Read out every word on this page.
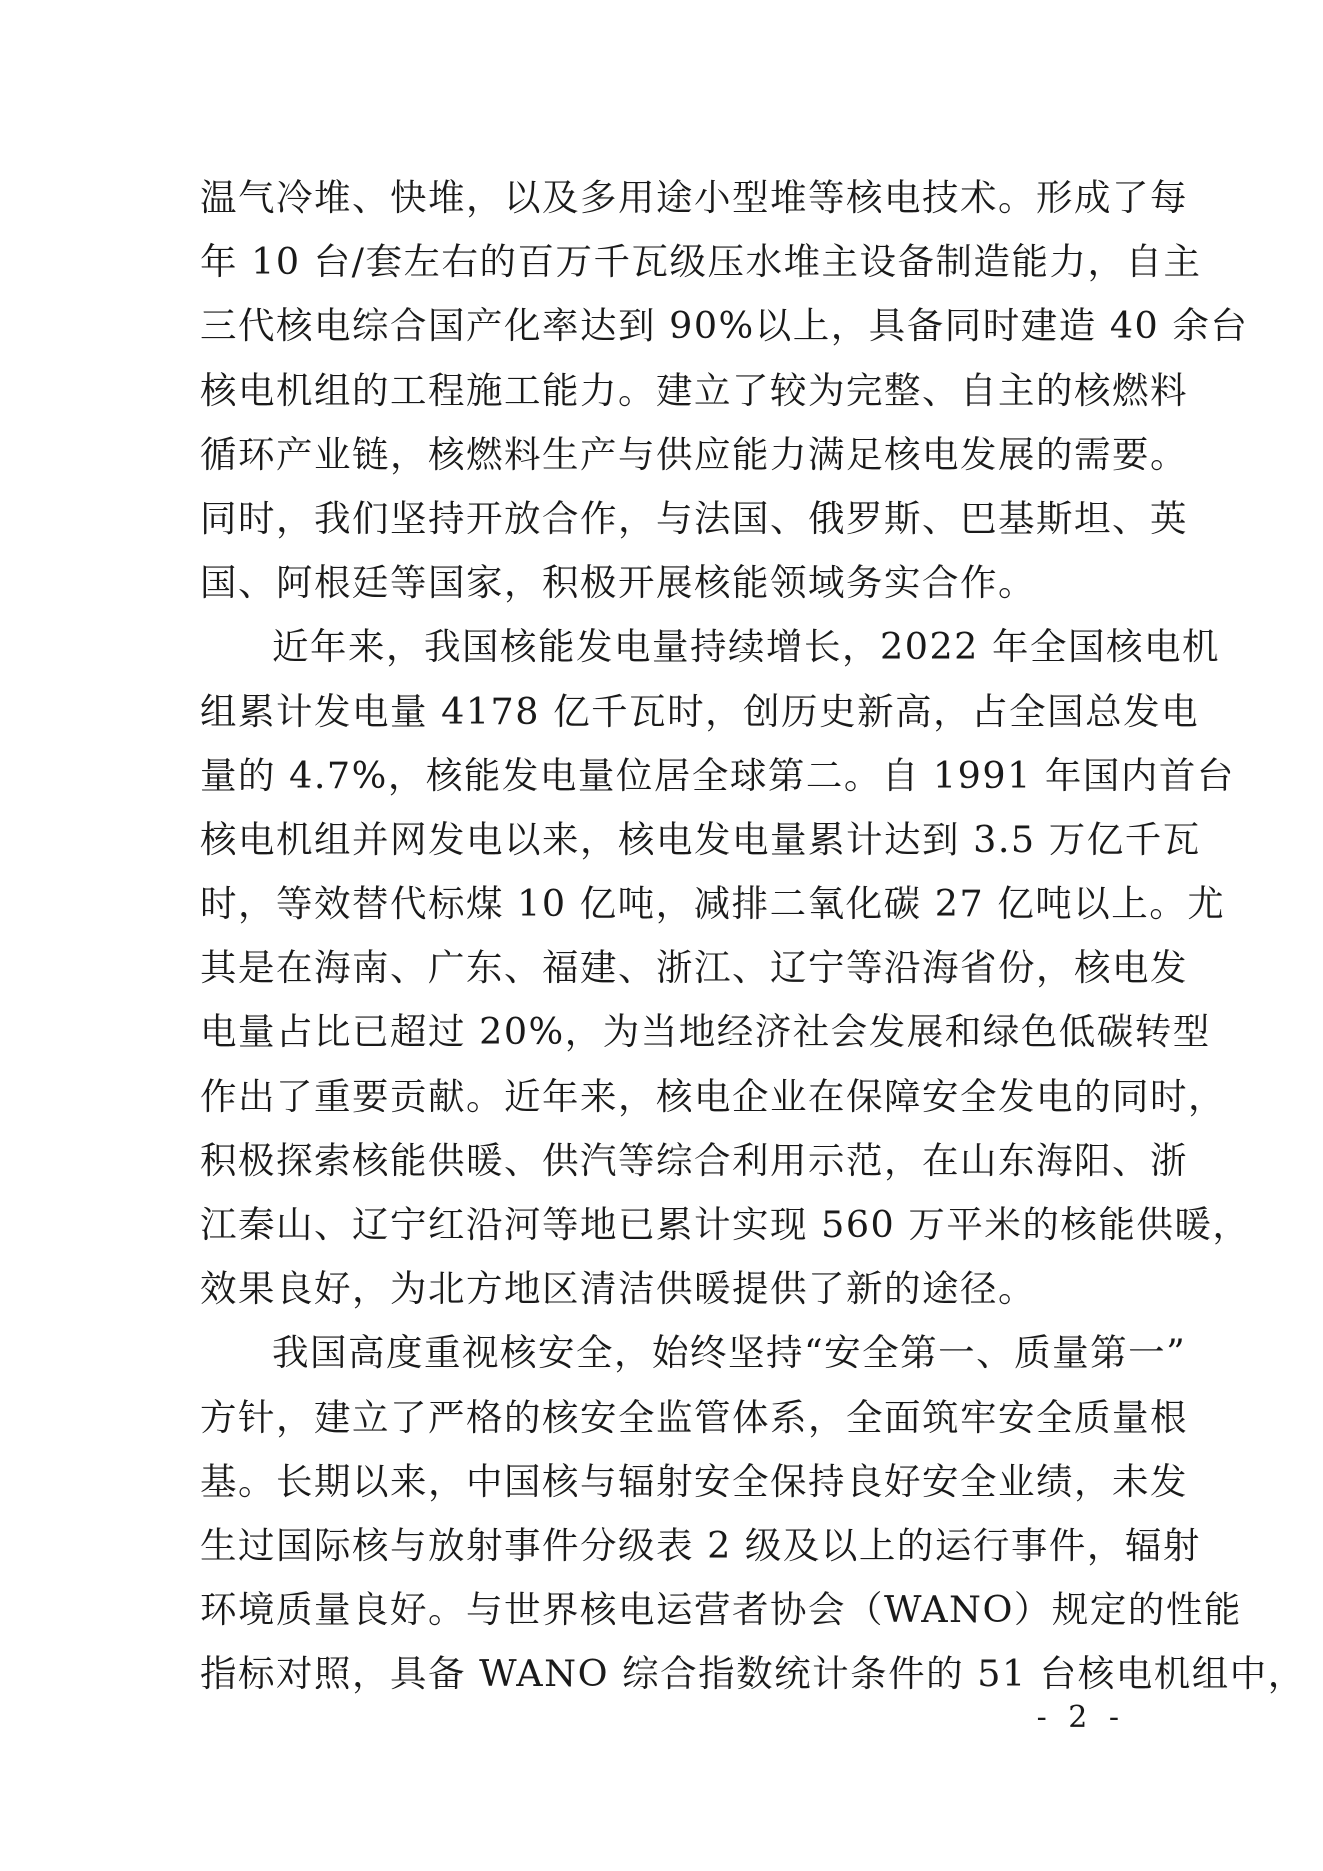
温气冷堆、快堆，以及多用途小型堆等核电技术。形成了每
年 10 台/套左右的百万千瓦级压水堆主设备制造能力，自主
三代核电综合国产化率达到 90%以上，具备同时建造 40 余台
核电机组的工程施工能力。建立了较为完整、自主的核燃料
循环产业链，核燃料生产与供应能力满足核电发展的需要。
同时，我们坚持开放合作，与法国、俄罗斯、巴基斯坦、英
国、阿根廷等国家，积极开展核能领域务实合作。
近年来，我国核能发电量持续增长，2022 年全国核电机
组累计发电量 4178 亿千瓦时，创历史新高，占全国总发电
量的 4.7%，核能发电量位居全球第二。自 1991 年国内首台
核电机组并网发电以来，核电发电量累计达到 3.5 万亿千瓦
时，等效替代标煤 10 亿吨，减排二氧化碳 27 亿吨以上。尤
其是在海南、广东、福建、浙江、辽宁等沿海省份，核电发
电量占比已超过 20%，为当地经济社会发展和绿色低碳转型
作出了重要贡献。近年来，核电企业在保障安全发电的同时，
积极探索核能供暖、供汽等综合利用示范，在山东海阳、浙
江秦山、辽宁红沿河等地已累计实现 560 万平米的核能供暖，
效果良好，为北方地区清洁供暖提供了新的途径。
我国高度重视核安全，始终坚持“安全第一、质量第一”
方针，建立了严格的核安全监管体系，全面筑牢安全质量根
基。长期以来，中国核与辐射安全保持良好安全业绩，未发
生过国际核与放射事件分级表 2 级及以上的运行事件，辐射
环境质量良好。与世界核电运营者协会（WANO）规定的性能
指标对照，具备 WANO 综合指数统计条件的 51 台核电机组中，
- 2 -
